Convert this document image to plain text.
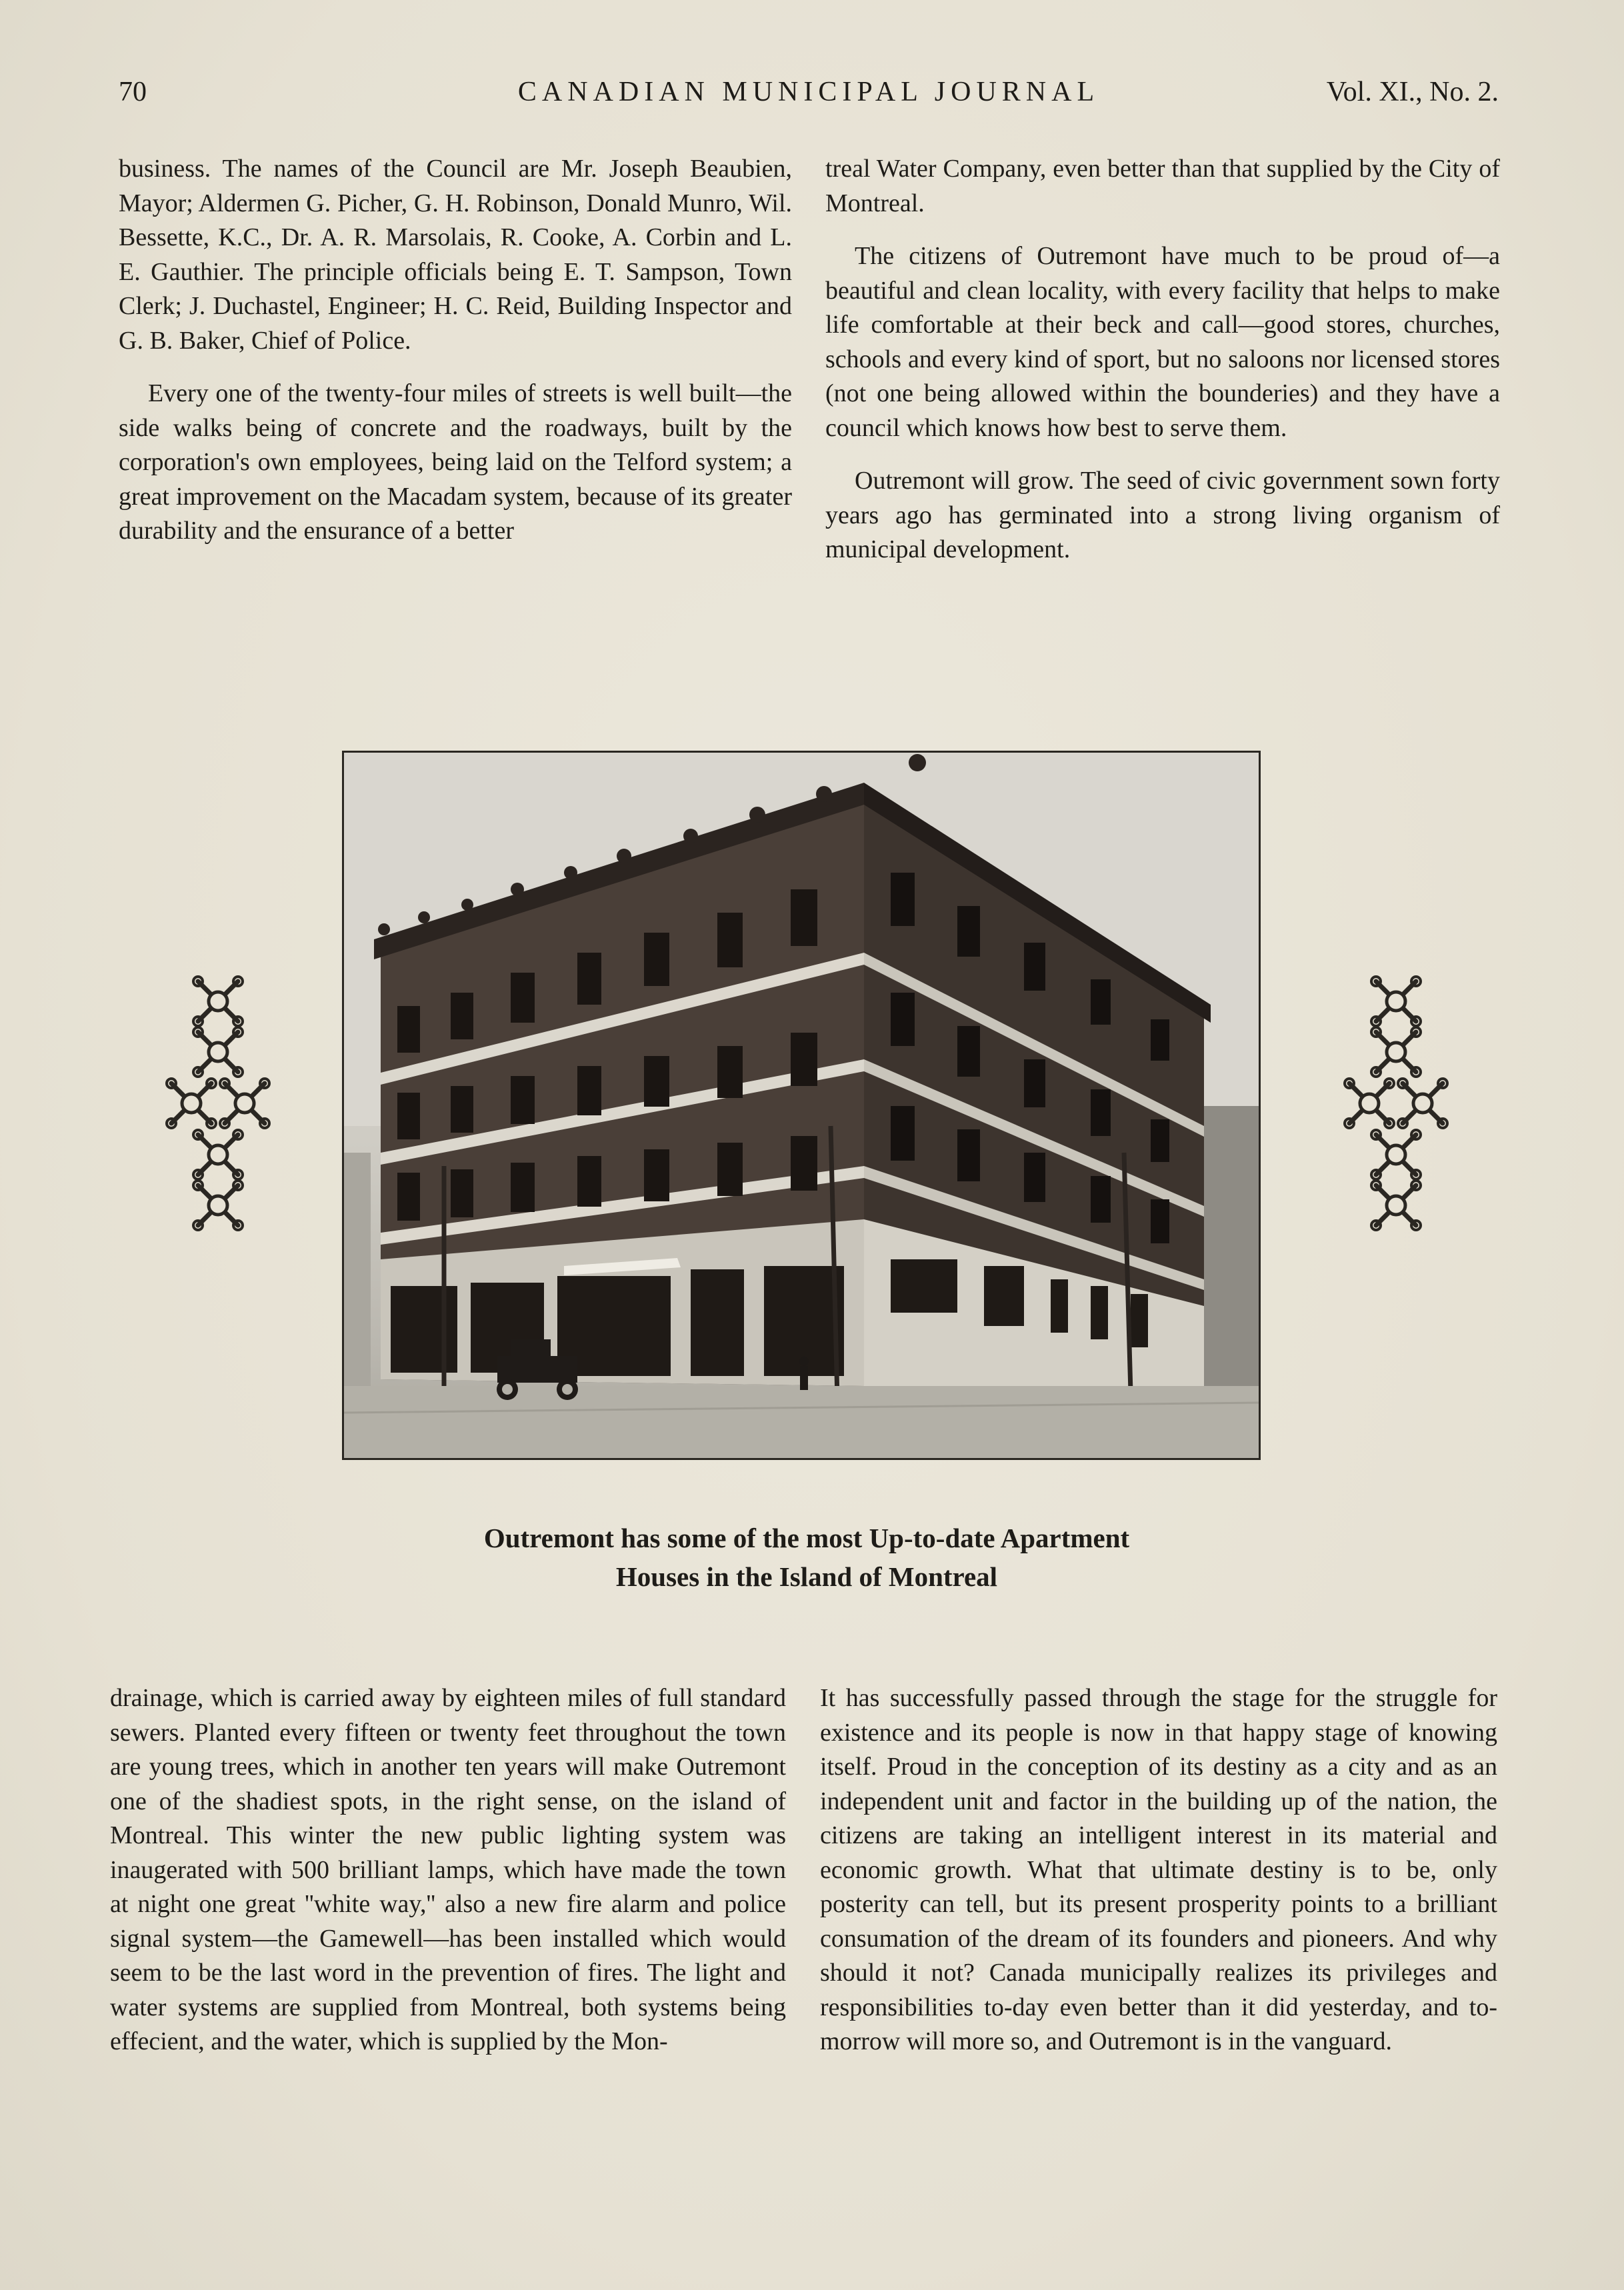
70	CANADIAN MUNICIPAL JOURNAL	Vol. XI., No. 2.

business. The names of the Council are Mr. Joseph Beaubien, Mayor; Aldermen G. Picher, G. H. Robinson, Donald Munro, Wil. Bessette, K.C., Dr. A. R. Marsolais, R. Cooke, A. Corbin and L. E. Gauthier. The principle officials being E. T. Sampson, Town Clerk; J. Duchastel, Engineer; H. C. Reid, Building Inspector and G. B. Baker, Chief of Police.

Every one of the twenty-four miles of streets is well built—the side walks being of concrete and the roadways, built by the corporation's own employees, being laid on the Telford system; a great improvement on the Macadam system, because of its greater durability and the ensurance of a better

treal Water Company, even better than that supplied by the City of Montreal.

The citizens of Outremont have much to be proud of—a beautiful and clean locality, with every facility that helps to make life comfortable at their beck and call—good stores, churches, schools and every kind of sport, but no saloons nor licensed stores (not one being allowed within the bounderies) and they have a council which knows how best to serve them.

Outremont will grow. The seed of civic government sown forty years ago has germinated into a strong living organism of municipal development.

Outremont has some of the most Up-to-date Apartment
Houses in the Island of Montreal

drainage, which is carried away by eighteen miles of full standard sewers. Planted every fifteen or twenty feet throughout the town are young trees, which in another ten years will make Outremont one of the shadiest spots, in the right sense, on the island of Montreal. This winter the new public lighting system was inaugerated with 500 brilliant lamps, which have made the town at night one great ''white way,'' also a new fire alarm and police signal system—the Gamewell—has been installed which would seem to be the last word in the prevention of fires. The light and water systems are supplied from Montreal, both systems being effecient, and the water, which is supplied by the Mon-

It has successfully passed through the stage for the struggle for existence and its people is now in that happy stage of knowing itself. Proud in the conception of its destiny as a city and as an independent unit and factor in the building up of the nation, the citizens are taking an intelligent interest in its material and economic growth. What that ultimate destiny is to be, only posterity can tell, but its present prosperity points to a brilliant consumation of the dream of its founders and pioneers. And why should it not? Canada municipally realizes its privileges and responsibilities to-day even better than it did yesterday, and to-morrow will more so, and Outremont is in the vanguard.
